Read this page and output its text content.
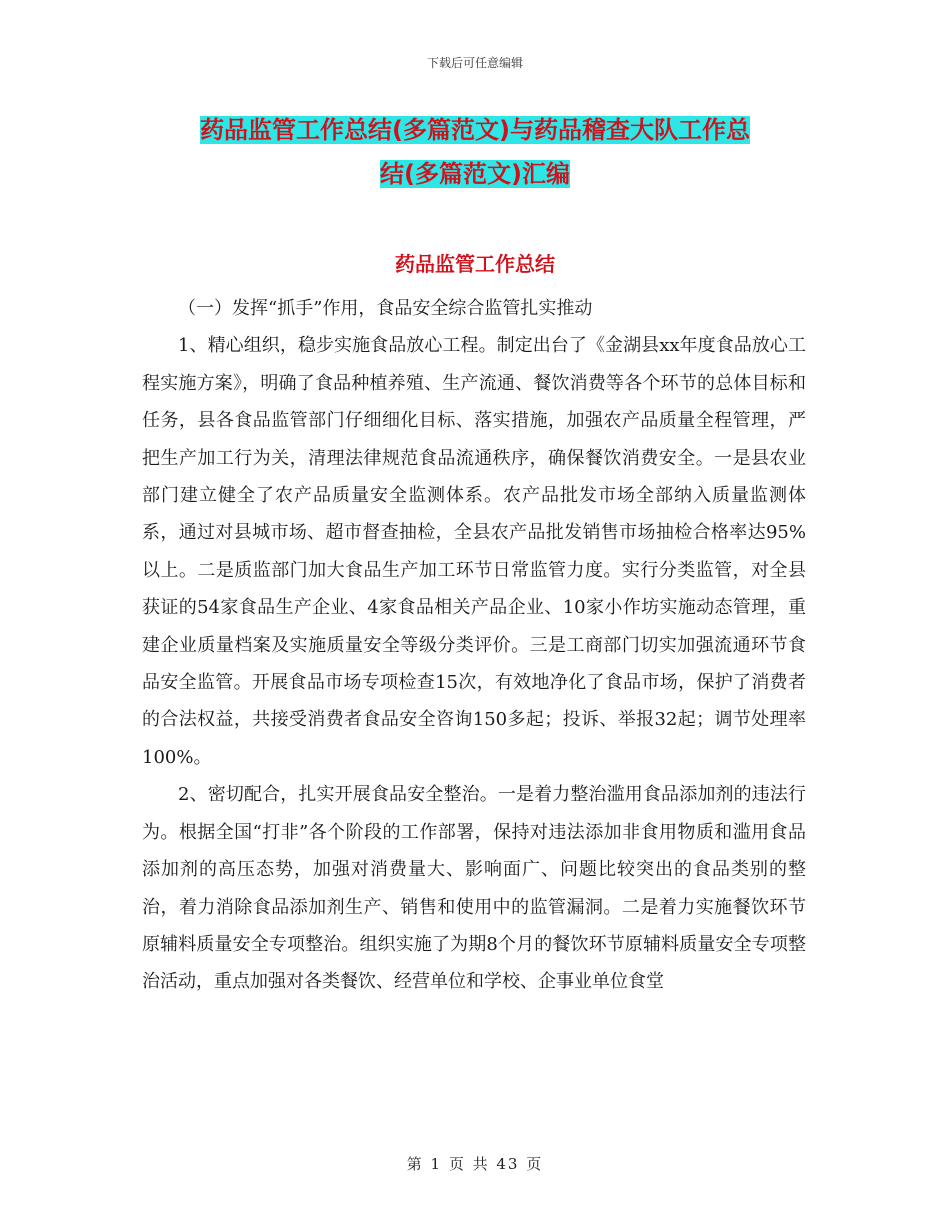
下载后可任意编辑
药品监管工作总结(多篇范文)与药品稽查大队工作总
结(多篇范文)汇编
药品监管工作总结

（一）发挥“抓手”作用，食品安全综合监管扎实推动

1、精心组织，稳步实施食品放心工程。制定出台了《金湖县xx年度食品放心工程实施方案》，明确了食品种植养殖、生产流通、餐饮消费等各个环节的总体目标和任务，县各食品监管部门仔细细化目标、落实措施，加强农产品质量全程管理，严把生产加工行为关，清理法律规范食品流通秩序，确保餐饮消费安全。一是县农业部门建立健全了农产品质量安全监测体系。农产品批发市场全部纳入质量监测体系，通过对县城市场、超市督查抽检，全县农产品批发销售市场抽检合格率达95%以上。二是质监部门加大食品生产加工环节日常监管力度。实行分类监管，对全县获证的54家食品生产企业、4家食品相关产品企业、10家小作坊实施动态管理，重建企业质量档案及实施质量安全等级分类评价。三是工商部门切实加强流通环节食品安全监管。开展食品市场专项检查15次，有效地净化了食品市场，保护了消费者的合法权益，共接受消费者食品安全咨询150多起；投诉、举报32起；调节处理率100%。

2、密切配合，扎实开展食品安全整治。一是着力整治滥用食品添加剂的违法行为。根据全国“打非”各个阶段的工作部署，保持对违法添加非食用物质和滥用食品添加剂的高压态势，加强对消费量大、影响面广、问题比较突出的食品类别的整治，着力消除食品添加剂生产、销售和使用中的监管漏洞。二是着力实施餐饮环节原辅料质量安全专项整治。组织实施了为期8个月的餐饮环节原辅料质量安全专项整治活动，重点加强对各类餐饮、经营单位和学校、企事业单位食堂

第 1 页 共 43 页
